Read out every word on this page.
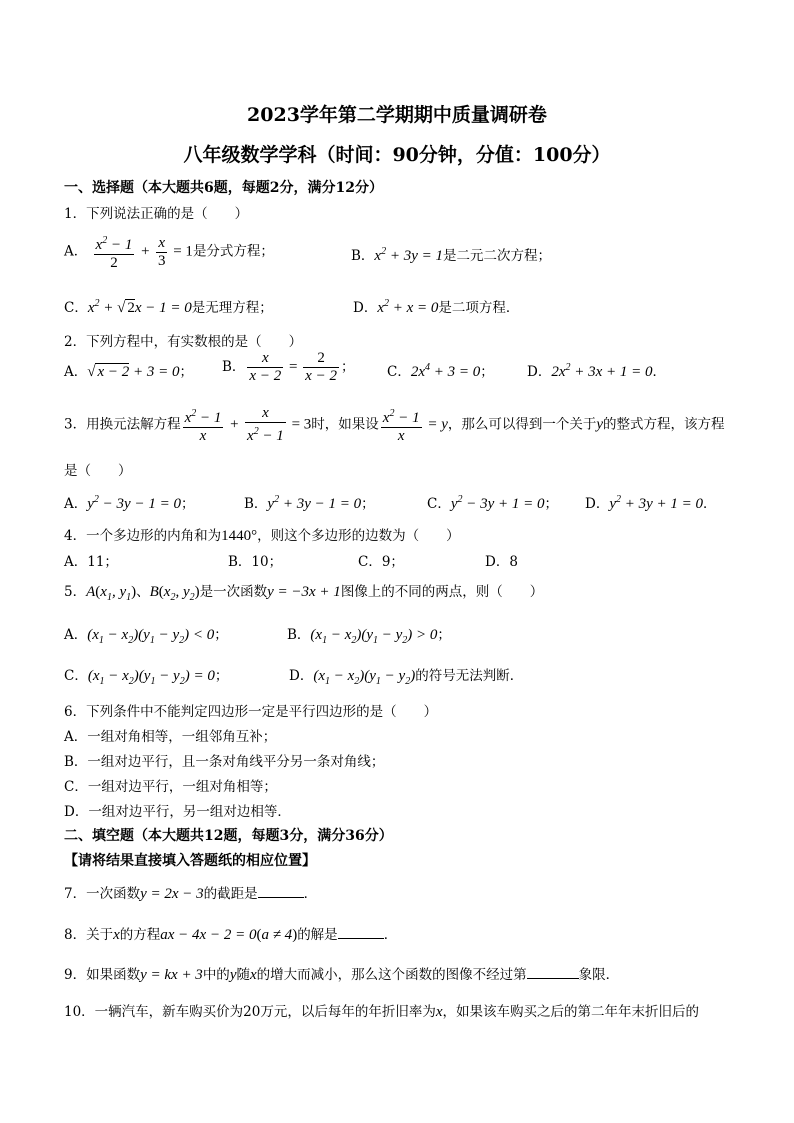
2023学年第二学期期中质量调研卷
八年级数学学科（时间：90分钟，分值：100分）
一、选择题（本大题共6题，每题2分，满分12分）
1．下列说法正确的是（　　）
A． $\frac{x^2 - 1}{2} + \frac{x}{3} = 1$是分式方程；	B．$x^2 + 3y = 1$是二元二次方程；
C．$x^2$ + √ 2x − 1 = 0是无理方程；	D．$x^2 + x = 0$是二项方程．
2．下列方程中，有实数根的是（　　）
A．√ x − 2 + 3 = 0； B． $\frac{x}{x - 2} = \frac{2}{x - 2}$ ； C．$2x^4 + 3 = 0$； D．$2x^2 + 3x + 1 = 0$．
3．用换元法解方程 $\frac{x^2 - 1}{x} + \frac{x}{x^2 - 1} = 3$时，如果设 $\frac{x^2 - 1}{x} = y$，那么可以得到一个关于y的整式方程，该方程
是（　　）
A．$y^2 - 3y - 1 = 0$；	B．$y^2 + 3y - 1 = 0$；	C．$y^2 - 3y + 1 = 0$； D．$y^2 + 3y + 1 = 0$．
4．一个多边形的内角和为1440°，则这个多边形的边数为（　　）
A．11；	B．10；	C．9；	D．8
5．$A(x_1$, $y_1$)、$B(x_2$, $y_2$)是一次函数y = −3x + 1图像上的不同的两点，则（　　）
A．$(x_1 - x_2)(y_1 - y_2) < 0$；	B．$(x_1 - x_2)(y_1 - y_2) > 0$；
C．$(x_1 - x_2)(y_1 - y_2) = 0$；	D．$(x_1 - x_2)(y_1 - y_2)$的符号无法判断．
6．下列条件中不能判定四边形一定是平行四边形的是（　　）
A．一组对角相等，一组邻角互补；
B．一组对边平行，且一条对角线平分另一条对角线；
C．一组对边平行，一组对角相等；
D．一组对边平行，另一组对边相等．
二、填空题（本大题共12题，每题3分，满分36分）
【请将结果直接填入答题纸的相应位置】
7．一次函数y = 2x − 3的截距是	．
8．关于x的方程ax − 4x − 2 = 0(a ≠ 4)的解是	．
9．如果函数y = kx + 3中的y随x的增大而减小，那么这个函数的图像不经过第	象限．
10．一辆汽车，新车购买价为20万元，以后每年的年折旧率为x，如果该车购买之后的第二年年末折旧后的
